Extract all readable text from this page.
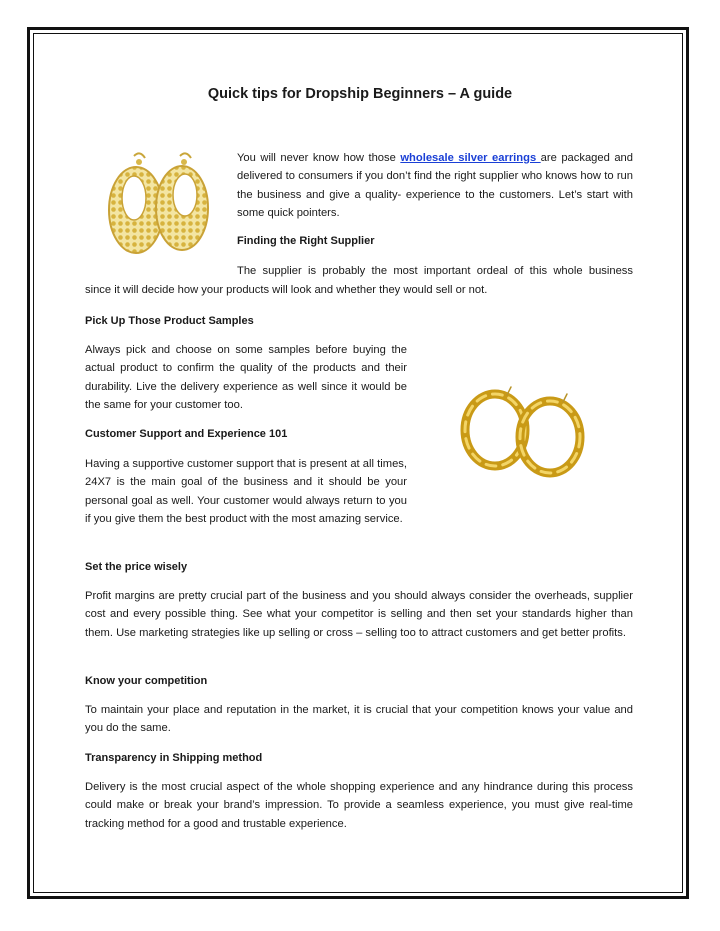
Quick tips for Dropship Beginners – A guide

You will never know how those wholesale silver earrings are packaged and delivered to consumers if you don’t find the right supplier who knows how to run the business and give a quality- experience to the customers. Let’s start with some quick pointers.

Finding the Right Supplier

The supplier is probably the most important ordeal of this whole business

since it will decide how your products will look and whether they would sell or not.

Pick Up Those Product Samples

Always pick and choose on some samples before buying the actual product to confirm the quality of the products and their durability. Live the delivery experience as well since it would be the same for your customer too.

Customer Support and Experience 101

Having a supportive customer support that is present at all times, 24X7 is the main goal of the business and it should be your personal goal as well. Your customer would always return to you if you give them the best product with the most amazing service.

Set the price wisely

Profit margins are pretty crucial part of the business and you should always consider the overheads, supplier cost and every possible thing. See what your competitor is selling and then set your standards higher than them. Use marketing strategies like up selling or cross – selling too to attract customers and get better profits.

Know your competition

To maintain your place and reputation in the market, it is crucial that your competition knows your value and you do the same.

Transparency in Shipping method

Delivery is the most crucial aspect of the whole shopping experience and any hindrance during this process could make or break your brand’s impression. To provide a seamless experience, you must give real-time tracking method for a good and trustable experience.
